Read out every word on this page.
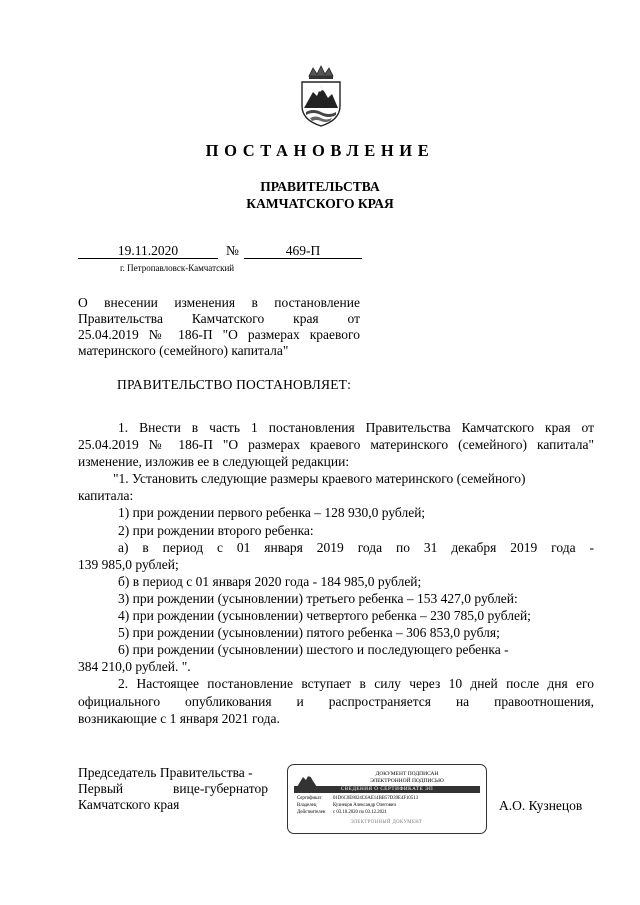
ПОСТАНОВЛЕНИЕ
ПРАВИТЕЛЬСТВА
КАМЧАТСКОГО КРАЯ
19.11.2020	№	469-П
г. Петропавловск-Камчатский
О внесении изменения в постановление
Правительства Камчатского края от
25.04.2019 № 186-П "О размерах краевого
материнского (семейного) капитала"
ПРАВИТЕЛЬСТВО ПОСТАНОВЛЯЕТ:

1. Внести в часть 1 постановления Правительства Камчатского края от

25.04.2019 № 186-П "О размерах краевого материнского (семейного) капитала"

изменение, изложив ее в следующей редакции:

"1. Установить следующие размеры краевого материнского (семейного)

капитала:

1) при рождении первого ребенка – 128 930,0 рублей;

2) при рождении второго ребенка:

а) в период с 01 января 2019 года по 31 декабря 2019 года -

139 985,0 рублей;

б) в период с 01 января 2020 года - 184 985,0 рублей;

3) при рождении (усыновлении) третьего ребенка – 153 427,0 рублей:

4) при рождении (усыновлении) четвертого ребенка – 230 785,0 рублей;

5) при рождении (усыновлении) пятого ребенка – 306 853,0 рубля;

6) при рождении (усыновлении) шестого и последующего ребенка -

384 210,0 рублей. ".

2. Настоящее постановление вступает в силу через 10 дней после дня его

официального опубликования и распространяется на правоотношения,

возникающие с 1 января 2021 года.

Председатель Правительства -
Первый вице-губернатор
Камчатского края
ДОКУМЕНТ ПОДПИСАН
ЭЛЕКТРОННОЙ ПОДПИСЬЮ
СВЕДЕНИЯ О СЕРТИФИКАТЕ ЭП
Сертификат 01D6C0E8024C6AE14BB57D39E4F10513
Владелец	Кузнецов Александр Олегович
Действителен с 03.10.2020 по 03.12.2021
ЭЛЕКТРОННЫЙ ДОКУМЕНТ
А.О. Кузнецов
